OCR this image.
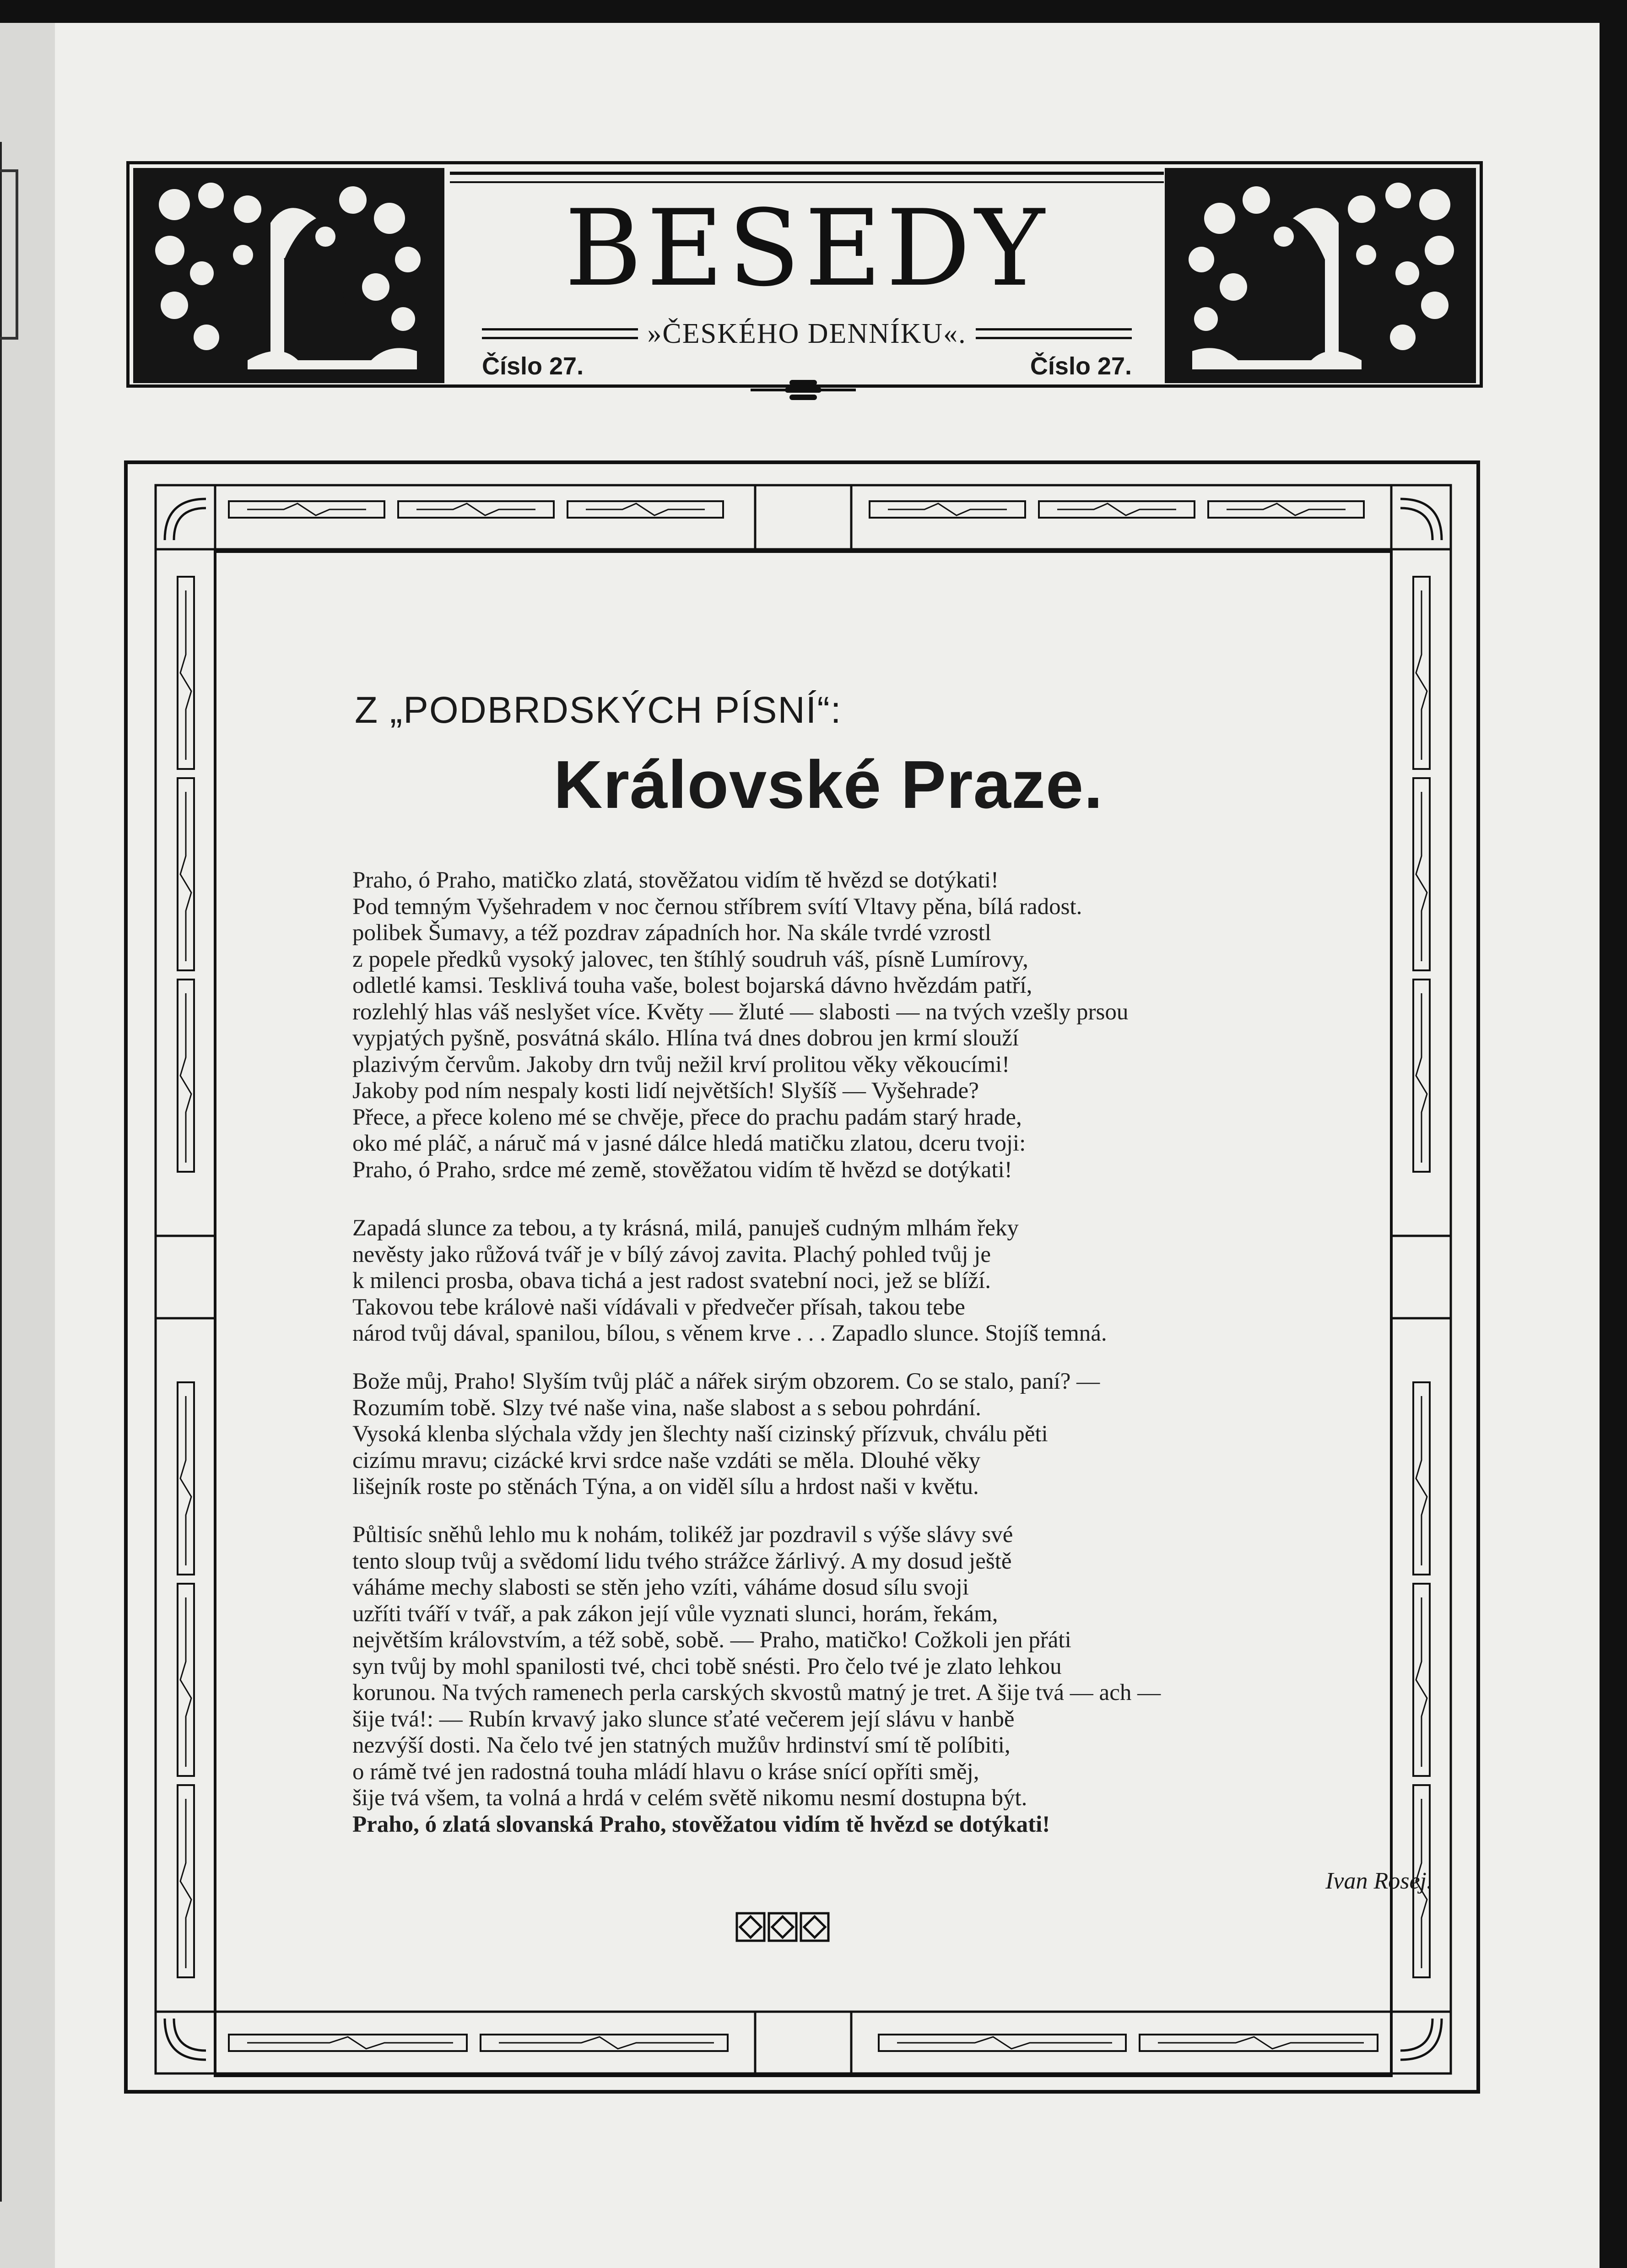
BESEDY
»ČESKÉHO DENNÍKU«.
Číslo 27.	Číslo 27.
Z „PODBRDSKÝCH PÍSNÍ“:
Královské Praze.
Praho, ó Praho, matičko zlatá, stověžatou vidím tě hvězd se dotýkati!
Pod temným Vyšehradem v noc černou stříbrem svítí Vltavy pěna, bílá radost.
polibek Šumavy, a též pozdrav západních hor. Na skále tvrdé vzrostl
z popele předků vysoký jalovec, ten štíhlý soudruh váš, písně Lumírovy,
odletlé kamsi. Tesklivá touha vaše, bolest bojarská dávno hvězdám patří,
rozlehlý hlas váš neslyšet více. Květy — žluté — slabosti — na tvých vzešly prsou
vypjatých pyšně, posvátná skálo. Hlína tvá dnes dobrou jen krmí slouží
plazivým červům. Jakoby drn tvůj nežil krví prolitou věky věkoucími!
Jakoby pod ním nespaly kosti lidí největších! Slyšíš — Vyšehrade?
Přece, a přece koleno mé se chvěje, přece do prachu padám starý hrade,
oko mé pláč, a náruč má v jasné dálce hledá matičku zlatou, dceru tvoji:
Praho, ó Praho, srdce mé země, stověžatou vidím tě hvězd se dotýkati!
Zapadá slunce za tebou, a ty krásná, milá, panuješ cudným mlhám řeky
nevěsty jako růžová tvář je v bílý závoj zavita. Plachý pohled tvůj je
k milenci prosba, obava tichá a jest radost svatební noci, jež se blíží.
Takovou tebe královė naši vídávali v předvečer přísah, takou tebe
národ tvůj dával, spanilou, bílou, s věnem krve . . . Zapadlo slunce. Stojíš temná.
Bože můj, Praho! Slyším tvůj pláč a nářek sirým obzorem. Co se stalo, paní? —
Rozumím tobě. Slzy tvé naše vina, naše slabost a s sebou pohrdání.
Vysoká klenba slýchala vždy jen šlechty naší cizinský přízvuk, chválu pěti
cizímu mravu; cizácké krvi srdce naše vzdáti se měla. Dlouhé věky
lišejník roste po stěnách Týna, a on viděl sílu a hrdost naši v květu.
Půltisíc sněhů lehlo mu k nohám, tolikéž jar pozdravil s výše slávy své
tento sloup tvůj a svědomí lidu tvého strážce žárlivý. A my dosud ještě
váháme mechy slabosti se stěn jeho vzíti, váháme dosud sílu svoji
uzříti tváří v tvář, a pak zákon její vůle vyznati slunci, horám, řekám,
největším královstvím, a též sobě, sobě. — Praho, matičko! Cožkoli jen přáti
syn tvůj by mohl spanilosti tvé, chci tobě snésti. Pro čelo tvé je zlato lehkou
korunou. Na tvých ramenech perla carských skvostů matný je tret. A šije tvá — ach —
šije tvá!: — Rubín krvavý jako slunce sťaté večerem její slávu v hanbě
nezvýší dosti. Na čelo tvé jen statných mužův hrdinství smí tě políbiti,
o rámě tvé jen radostná touha mládí hlavu o kráse snící opříti směj,
šije tvá všem, ta volná a hrdá v celém světě nikomu nesmí dostupna být.
Praho, ó zlatá slovanská Praho, stověžatou vidím tě hvězd se dotýkati!
Ivan Rosej.
